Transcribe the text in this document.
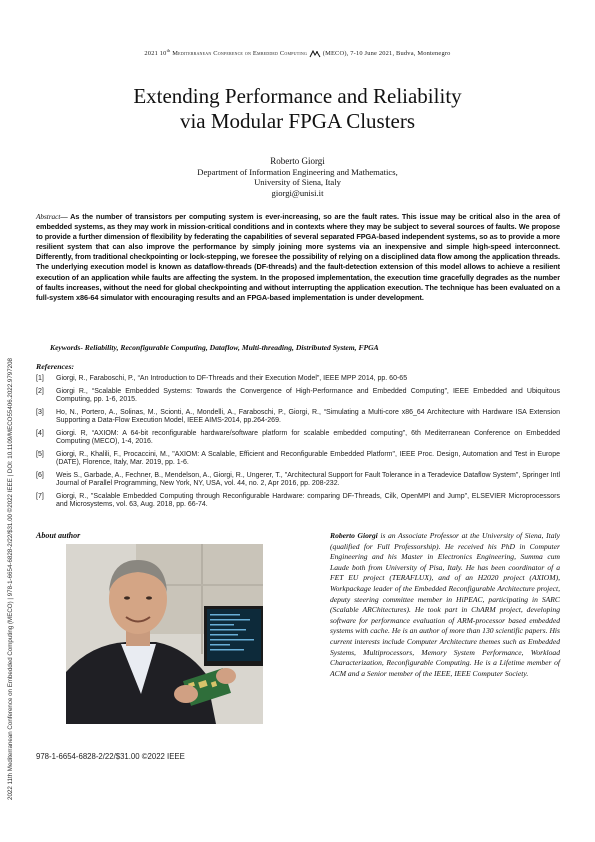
2021 10th Mediterranean Conference on Embedded Computing (MECO), 7-10 June 2021, Budva, Montenegro
Extending Performance and Reliability
via Modular FPGA Clusters
Roberto Giorgi
Department of Information Engineering and Mathematics,
University of Siena, Italy
giorgi@unisi.it
Abstract— As the number of transistors per computing system is ever-increasing, so are the fault rates. This issue may be critical also in the area of embedded systems, as they may work in mission-critical conditions and in contexts where they may be subject to several sources of faults. We propose to provide a further dimension of flexibility by federating the capabilities of several separated FPGA-based independent systems, so as to provide a more resilient system that can also improve the performance by simply joining more systems via an inexpensive and simple high-speed interconnect. Differently, from traditional checkpointing or lock-stepping, we foresee the possibility of relying on a disciplined data flow among the application threads. The underlying execution model is known as dataflow-threads (DF-threads) and the fault-detection extension of this model allows to achieve a resilient execution of an application while faults are affecting the system. In the proposed implementation, the execution time gracefully degrades as the number of faults increases, without the need for global checkpointing and without interrupting the application execution. The technique has been evaluated on a full-system x86-64 simulator with encouraging results and an FPGA-based implementation is under development.
Keywords- Reliability, Reconfigurable Computing, Dataflow, Multi-threading, Distributed System, FPGA
References:
[1]	Giorgi, R., Faraboschi, P., “An Introduction to DF-Threads and their Execution Model”, IEEE MPP 2014, pp. 60-65
[2]	Giorgi R., “Scalable Embedded Systems: Towards the Convergence of High-Performance and Embedded Computing”, IEEE Embedded and Ubiquitous Computing, pp. 1-6, 2015.
[3]	Ho, N., Portero, A., Solinas, M., Scionti, A., Mondelli, A., Faraboschi, P., Giorgi, R., “Simulating a Multi-core x86_64 Architecture with Hardware ISA Extension Supporting a Data-Flow Execution Model, IEEE AIMS-2014, pp.264-269.
[4]	Giorgi. R, “AXIOM: A 64-bit reconfigurable hardware/software platform for scalable embedded computing”, 6th Mediterranean Conference on Embedded Computing (MECO), 1-4, 2016.
[5]	Giorgi, R., Khalili, F., Procaccini, M., "AXIOM: A Scalable, Efficient and Reconfigurable Embedded Platform", IEEE Proc. Design, Automation and Test in Europe (DATE), Florence, Italy, Mar. 2019, pp. 1-6.
[6]	Weis S., Garbade, A., Fechner, B., Mendelson, A., Giorgi, R., Ungerer, T., "Architectural Support for Fault Tolerance in a Teradevice Dataflow System", Springer Intl Journal of Parallel Programming, New York, NY, USA, vol. 44, no. 2, Apr 2016, pp. 208-232.
[7]	Giorgi, R., "Scalable Embedded Computing through Reconfigurable Hardware: comparing DF-Threads, Cilk, OpenMPI and Jump", ELSEVIER Microprocessors and Microsystems, vol. 63, Aug. 2018, pp. 66-74.
About author	Roberto Giorgi is an Associate Professor at the University of Siena, Italy (qualified for Full Professorship). He received his PhD in Computer Engineering and his Master in Electronics Engineering, Summa cum Laude both from University of Pisa, Italy. He has been coordinator of a FET EU project (TERAFLUX), and of an H2020 project (AXIOM), Workpackage leader of the Embedded Reconfigurable Architecture project, deputy steering committee member in HiPEAC, participating in SARC (Scalable ARChitectures). He took part in ChARM project, developing software for performance evaluation of ARM-processor based embedded systems with cache. He is an author of more than 130 scientific papers. His current interests include Computer Architecture themes such as Embedded Systems, Multiprocessors, Memory System Performance, Workload Characterization, Reconfigurable Computing. He is a Lifetime member of ACM and a Senior member of the IEEE, IEEE Computer Society.
978-1-6654-6828-2/22/$31.00 ©2022 IEEE
2022 11th Mediterranean Conference on Embedded Computing (MECO) | 978-1-6654-6828-2/22/$31.00 ©2022 IEEE | DOI: 10.1109/MECO55406.2022.9797208
